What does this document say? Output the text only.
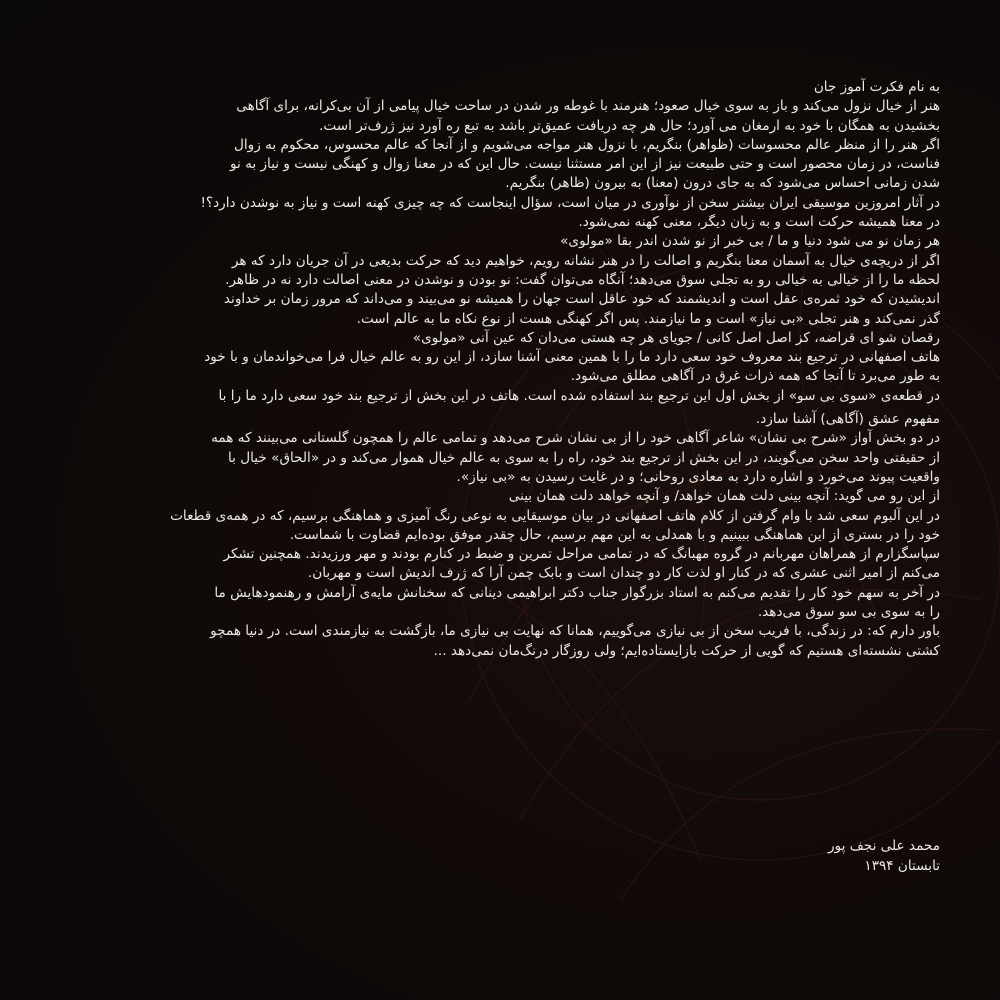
به نام فکرت آموز جان

هنر از خیال نزول می‌کند و باز به سوی خیال صعود؛ هنرمند با غوطه ور شدن در ساحت خیال پیامی از آن بی‌کرانه، برای آگاهی

بخشیدن به همگان با خود به ارمغان می آورد؛ حال هر چه دریافت عمیق‌تر باشد به تبع ره آورد نیز ژرف‌تر است.

اگر هنر را از منظر عالم محسوسات (ظواهر) بنگریم، با نزول هنر مواجه می‌شویم و از آنجا که عالم محسوس، محکوم به زوال

فناست، در زمان محصور است و حتی طبیعت نیز از این امر مستثنا نیست. حال این که در معنا زوال و کهنگی نیست و نیاز به نو

شدن زمانی احساس می‌شود که به جای درون (معنا) به بیرون (ظاهر) بنگریم.

در آثار امروزین موسیقی ایران بیشتر سخن از نوآوری در میان است، سؤال اینجاست که چه چیزی کهنه است و نیاز به نوشدن دارد؟!

در معنا همیشه حرکت است و به زبان دیگر، معنی کهنه نمی‌شود.

هر زمان نو می شود دنیا و ما / بی خبر از نو شدن اندر بقا «مولوی»

اگر از دریچه‌ی خیال به آسمان معنا بنگریم و اصالت را در هنر نشانه رویم، خواهیم دید که حرکت بدیعی در آن جریان دارد که هر

لحظه ما را از خیالی به خیالی رو به تجلی سوق می‌دهد؛ آنگاه می‌توان گفت: نو بودن و نوشدن در معنی اصالت دارد نه در ظاهر.

اندیشیدن که خود ثمره‌ی عقل است و اندیشمند که خود عاقل است جهان را همیشه نو می‌بیند و می‌داند که مرور زمان بر خداوند

گذر نمی‌کند و هنر تجلی «بی نیاز» است و ما نیازمند. پس اگر کهنگی هست از نوع نکاه ما به عالم است.

رقصان شو ای قراضه، کز اصل اصل کانی / جویای هر چه هستی می‌دان که عین آنی «مولوی»

هاتف اصفهانی در ترجیع بند معروف خود سعی دارد ما را با همین معنی آشنا سازد، از این رو به عالم خیال فرا می‌خواندمان و با خود

به طور می‌برد تا آنجا که همه ذرات غرق در آگاهی مطلق می‌شود.

در قطعه‌ی «سوی بی سو» از بخش اول این ترجیع بند استفاده شده است. هاتف در این بخش از ترجیع بند خود سعی دارد ما را با

مفهوم عشق (آگاهی) آشنا سازد.

در دو بخش آواز «شرح بی نشان» شاعر آگاهی خود را از بی نشان شرح می‌دهد و تمامی عالم را همچون گلستانی می‌بینند که همه

از حقیقتی واحد سخن می‌گویند، در این بخش از ترجیع بند خود، راه را به سوی به عالم خیال هموار می‌کند و در «الحاق» خیال با

واقعیت پیوند می‌خورد و اشاره دارد به معادی روحانی؛ و در غایت رسیدن به «بی نیاز».

از این رو می گوید: آنچه بینی دلت همان خواهد/ و آنچه خواهد دلت همان بینی

در این آلبوم سعی شد با وام گرفتن از کلام هاتف اصفهانی در بیان موسیقایی به نوعی رنگ آمیزی و هماهنگی برسیم، که در همه‌ی قطعات

خود را در بستری از این هماهنگی ببینیم و با همدلی به این مهم برسیم، حال چقدر موفق بوده‌ایم قضاوت با شماست.

سپاسگزارم از همراهان مهربانم در گروه مهبانگ که در تمامی مراحل تمرین و ضبط در کنارم بودند و مهر ورزیدند. همچنین تشکر

می‌کنم از امیر اثنی عشری که در کنار او لذت کار دو چندان است و بابک چمن آرا که ژرف اندیش است و مهربان.

در آخر به سهم خود کار را تقدیم می‌کنم به استاد بزرگوار جناب دکتر ابراهیمی دینانی که سخنانش مایه‌ی آرامش و رهنمودهایش ما

را به سوی بی سو سوق می‌دهد.

باور دارم که: در زندگی، با فریب سخن از بی نیازی می‌گوییم، همانا که نهایت بی نیازی ما، بازگشت به نیازمندی است. در دنیا همچو

کشتی نشسته‌ای هستیم که گویی از حرکت بازایستاده‌ایم؛ ولی روزگار درنگ‌مان نمی‌دهد ...

محمد علی نجف پور
تابستان ۱۳۹۴
